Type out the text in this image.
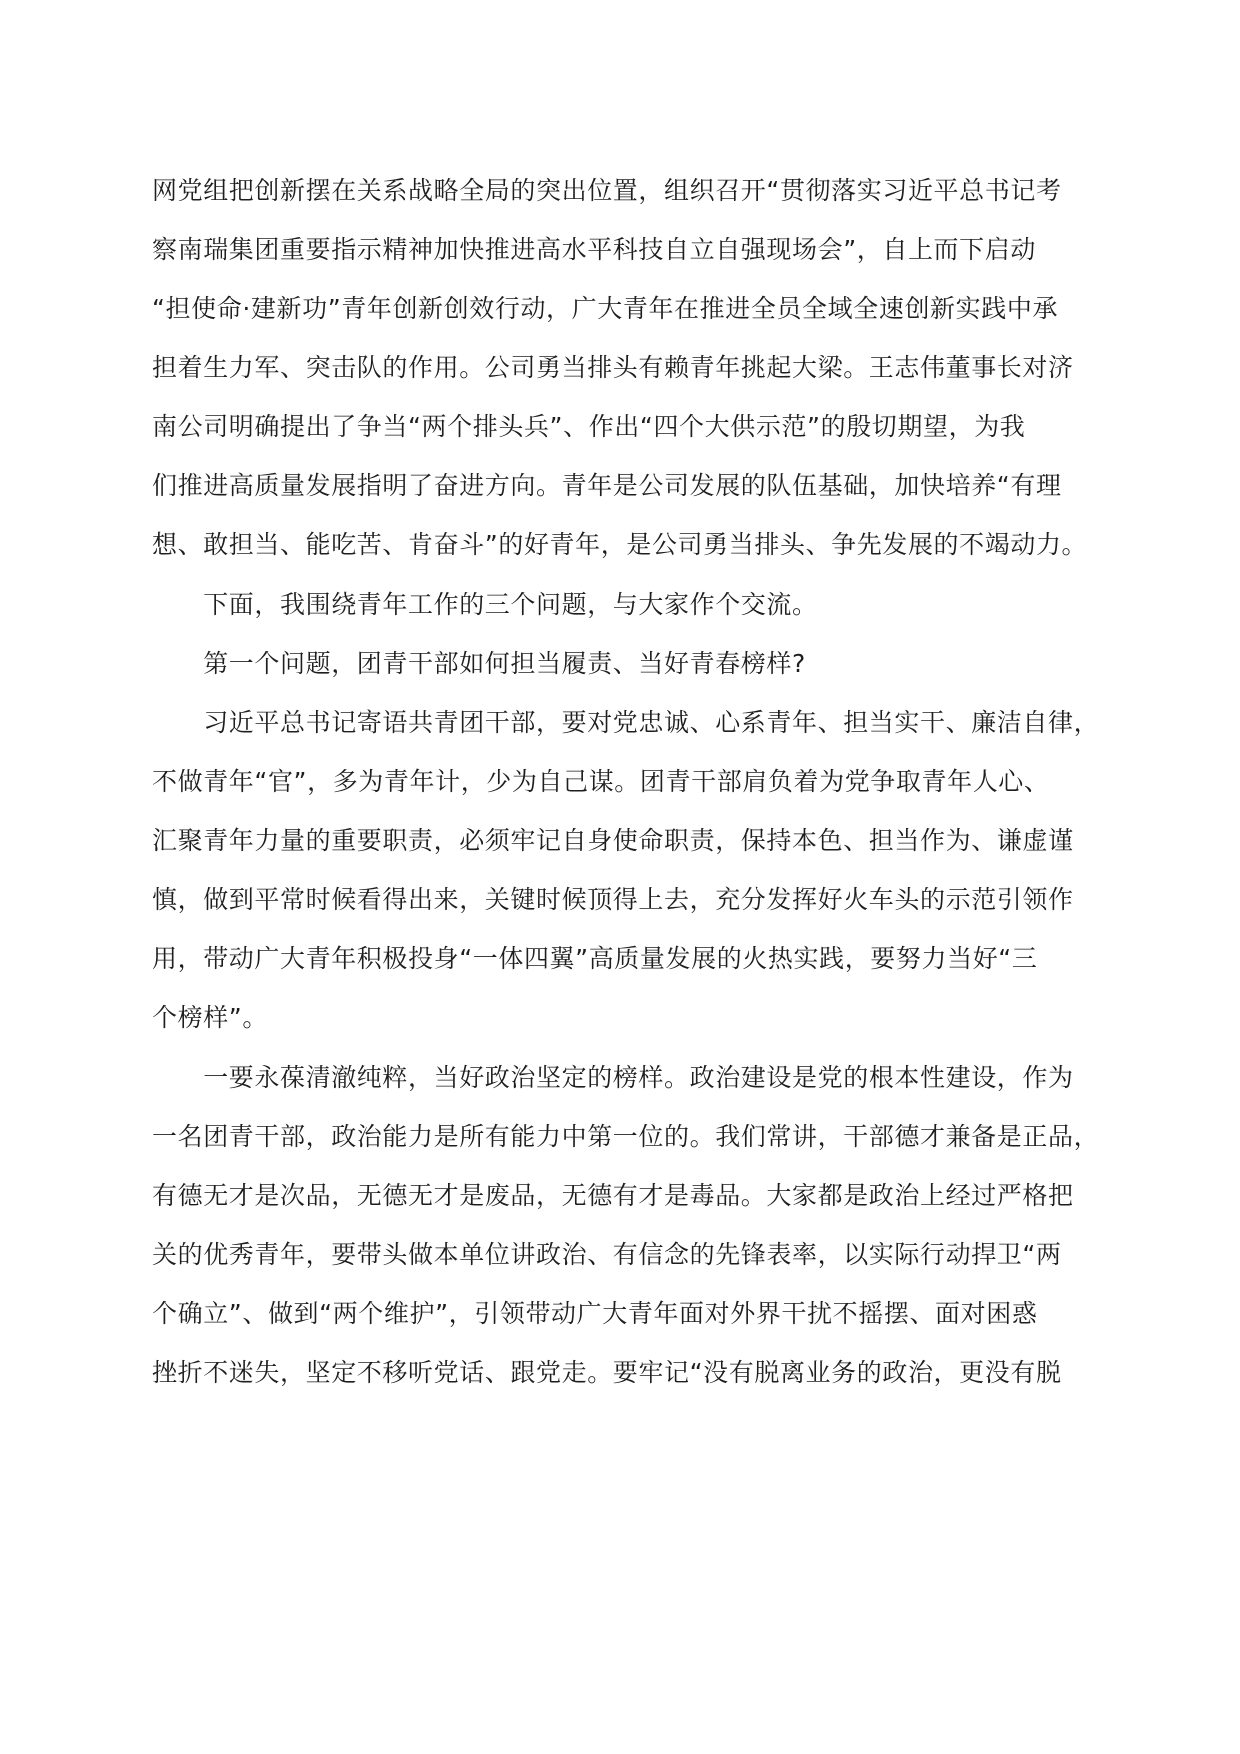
网党组把创新摆在关系战略全局的突出位置，组织召开“贯彻落实习近平总书记考
察南瑞集团重要指示精神加快推进高水平科技自立自强现场会”，自上而下启动
“担使命·建新功”青年创新创效行动，广大青年在推进全员全域全速创新实践中承
担着生力军、突击队的作用。公司勇当排头有赖青年挑起大梁。王志伟董事长对济
南公司明确提出了争当“两个排头兵”、作出“四个大供示范”的殷切期望，为我
们推进高质量发展指明了奋进方向。青年是公司发展的队伍基础，加快培养“有理
想、敢担当、能吃苦、肯奋斗”的好青年，是公司勇当排头、争先发展的不竭动力。
　　下面，我围绕青年工作的三个问题，与大家作个交流。
　　第一个问题，团青干部如何担当履责、当好青春榜样?
　　习近平总书记寄语共青团干部，要对党忠诚、心系青年、担当实干、廉洁自律，
不做青年“官”，多为青年计，少为自己谋。团青干部肩负着为党争取青年人心、
汇聚青年力量的重要职责，必须牢记自身使命职责，保持本色、担当作为、谦虚谨
慎，做到平常时候看得出来，关键时候顶得上去，充分发挥好火车头的示范引领作
用，带动广大青年积极投身“一体四翼”高质量发展的火热实践，要努力当好“三
个榜样”。
　　一要永葆清澈纯粹，当好政治坚定的榜样。政治建设是党的根本性建设，作为
一名团青干部，政治能力是所有能力中第一位的。我们常讲，干部德才兼备是正品，
有德无才是次品，无德无才是废品，无德有才是毒品。大家都是政治上经过严格把
关的优秀青年，要带头做本单位讲政治、有信念的先锋表率，以实际行动捍卫“两
个确立”、做到“两个维护”，引领带动广大青年面对外界干扰不摇摆、面对困惑
挫折不迷失，坚定不移听党话、跟党走。要牢记“没有脱离业务的政治，更没有脱
